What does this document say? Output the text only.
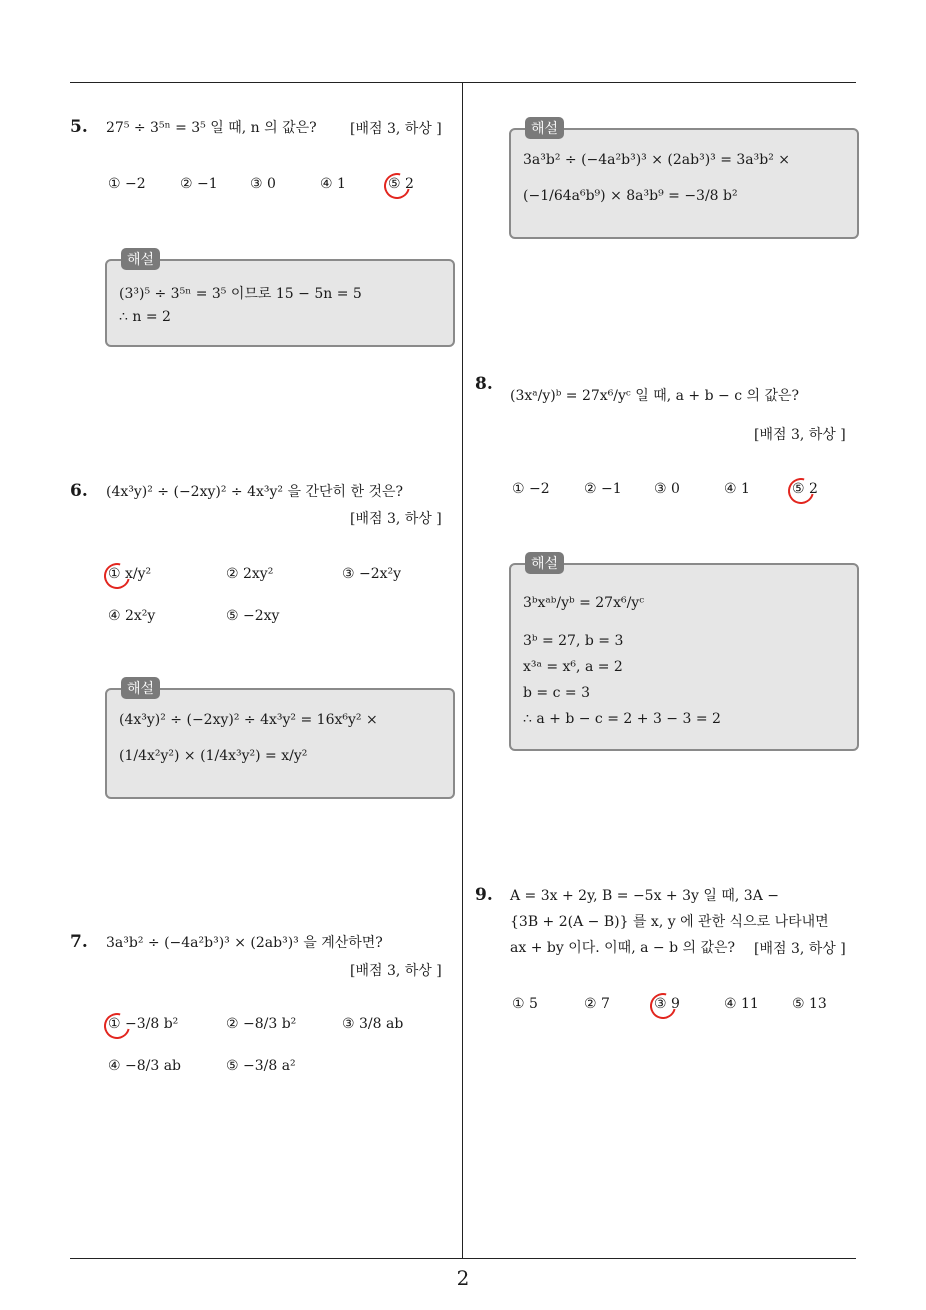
2
5. 27⁵ ÷ 3⁵ⁿ = 3⁵ 일 때, n 의 값은? [배점 3, 하상 ]
① −2 ② −1 ③ 0	④ 1	⑤ 2
해설
(3³)⁵ ÷ 3⁵ⁿ = 3⁵ 이므로 15 − 5n = 5
∴ n = 2
6. (4x³y)² ÷ (−2xy)² ÷ 4x³y² 을 간단히 한 것은?
[배점 3, 하상 ]
① x/y²	② 2xy²	③ −2x²y
④ 2x²y	⑤ −2xy
해설
(4x³y)² ÷ (−2xy)² ÷ 4x³y² = 16x⁶y² ×
(1/4x²y²) × (1/4x³y²) = x/y²
7. 3a³b² ÷ (−4a²b³)³ × (2ab³)³ 을 계산하면?
[배점 3, 하상 ]
① −3/8 b²	② −8/3 b²	③ 3/8 ab
④ −8/3 ab	⑤ −3/8 a²
해설
3a³b² ÷ (−4a²b³)³ × (2ab³)³ = 3a³b² ×
(−1/64a⁶b⁹) × 8a³b⁹ = −3/8 b²
8.
(3xᵃ/y)ᵇ = 27x⁶/yᶜ 일 때, a + b − c 의 값은?
[배점 3, 하상 ]
① −2 ② −1 ③ 0	④ 1	⑤ 2
해설
3ᵇxᵃᵇ/yᵇ = 27x⁶/yᶜ
3ᵇ = 27, b = 3
x³ᵃ = x⁶, a = 2
b = c = 3
∴ a + b − c = 2 + 3 − 3 = 2
9. A = 3x + 2y, B = −5x + 3y 일 때, 3A −
{3B + 2(A − B)} 를 x, y 에 관한 식으로 나타내면
ax + by 이다. 이때, a − b 의 값은? [배점 3, 하상 ]
① 5	② 7	③ 9	④ 11 ⑤ 13
